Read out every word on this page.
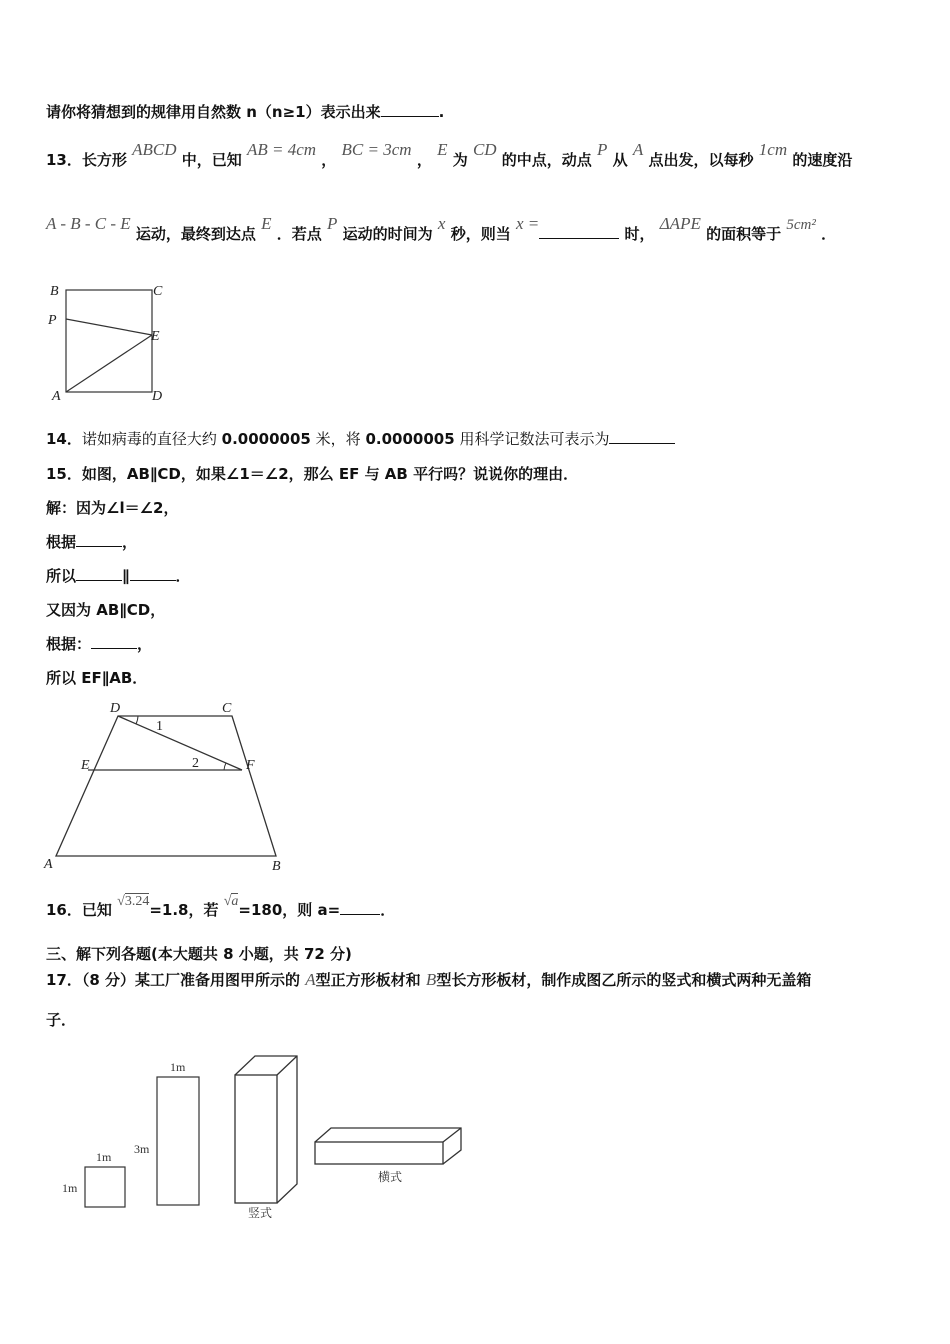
请你将猜想到的规律用自然数 n（n≥1）表示出来	.
13．长方形 ABCD 中，已知 AB = 4cm ， BC = 3cm ， E 为 CD 的中点，动点 P 从 A 点出发，以每秒 1cm 的速度沿
A - B - C - E 运动，最终到达点 E ．若点 P 运动的时间为 x 秒，则当 x = 时， ΔAPE 的面积等于 5cm² ．
B	C
P
E
A	D
14．诺如病毒的直径大约 0.0000005 米，将 0.0000005 用科学记数法可表示为
15．如图，AB∥CD，如果∠1＝∠2，那么 EF 与 AB 平行吗？说说你的理由．
解：因为∠l＝∠2，
根据	，
所以	∥	．
又因为 AB∥CD，
根据：	，
所以 EF∥AB．
D	C
E	F
A	B
1
2
16．已知 √3.24=1.8，若 √a=180，则 a=	．
三、解下列各题(本大题共 8 小题，共 72 分)
17．（8 分）某工厂准备用图甲所示的 A型正方形板材和 B型长方形板材，制作成图乙所示的竖式和横式两种无盖箱
子．
1m
1m
1m
3m
竖式
横式
